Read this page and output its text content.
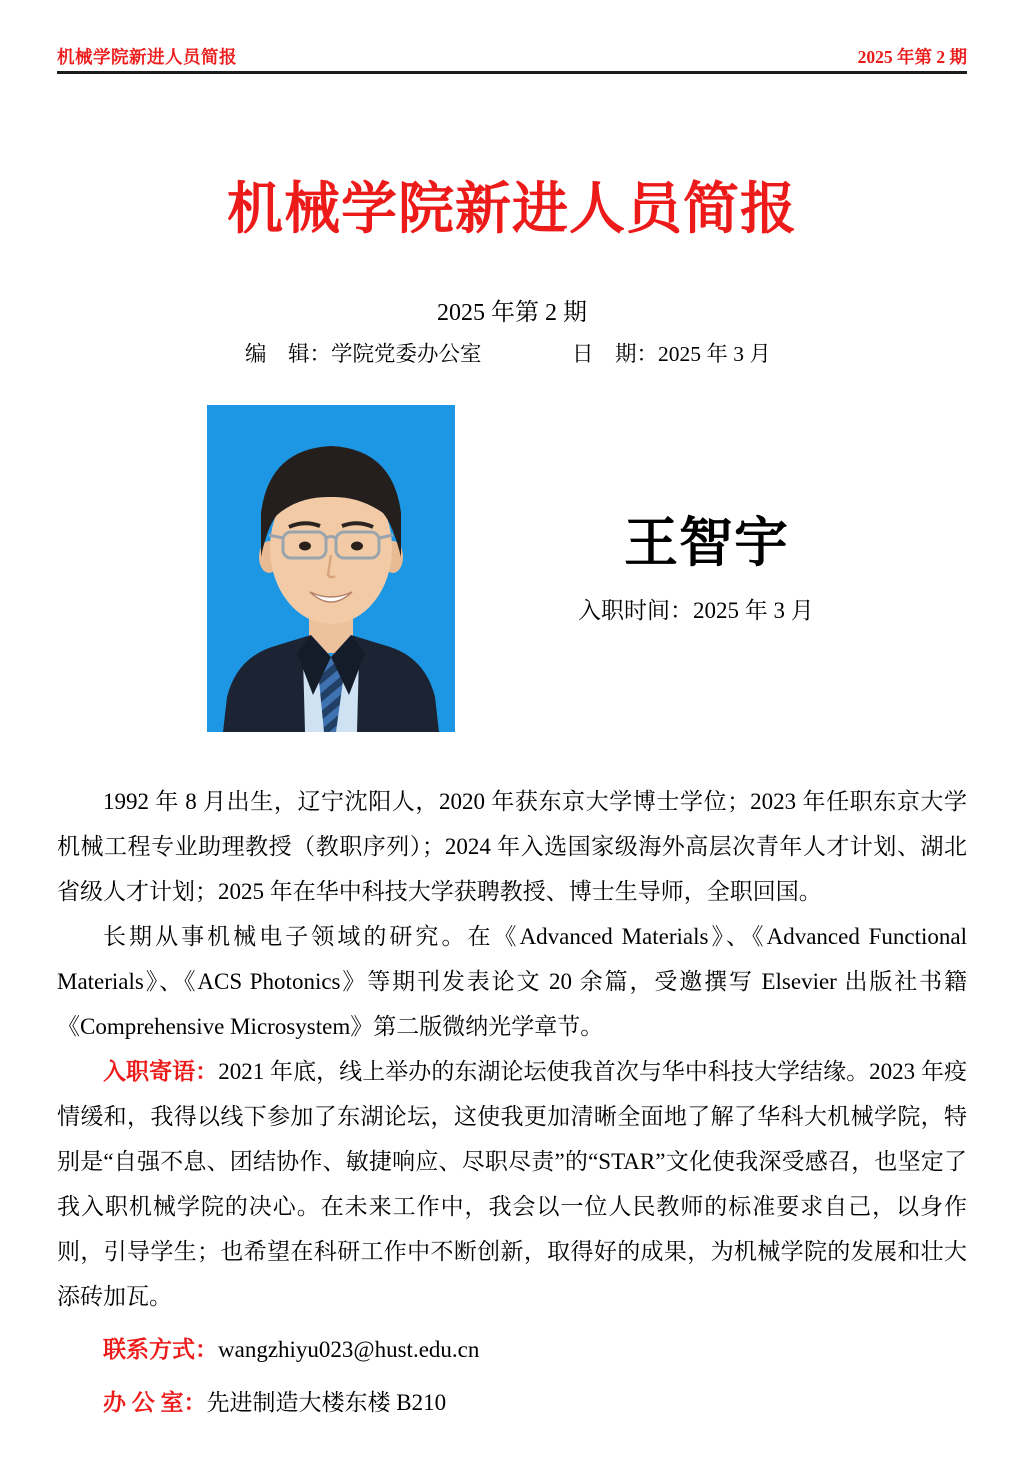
机械学院新进人员简报	2025 年第 2 期
机械学院新进人员简报
2025 年第 2 期
编　辑：学院党委办公室	日　期：2025 年 3 月
王智宇
入职时间：2025 年 3 月

1992 年 8 月出生，辽宁沈阳人，2020 年获东京大学博士学位；2023 年任职东京大学机械工程专业助理教授（教职序列）；2024 年入选国家级海外高层次青年人才计划、湖北省级人才计划；2025 年在华中科技大学获聘教授、博士生导师，全职回国。

长期从事机械电子领域的研究。在《Advanced Materials》、《Advanced Functional Materials》、《ACS Photonics》等期刊发表论文 20 余篇，受邀撰写 Elsevier 出版社书籍《Comprehensive Microsystem》第二版微纳光学章节。

入职寄语：2021 年底，线上举办的东湖论坛使我首次与华中科技大学结缘。2023 年疫情缓和，我得以线下参加了东湖论坛，这使我更加清晰全面地了解了华科大机械学院，特别是“自强不息、团结协作、敏捷响应、尽职尽责”的“STAR”文化使我深受感召，也坚定了我入职机械学院的决心。在未来工作中，我会以一位人民教师的标准要求自己，以身作则，引导学生；也希望在科研工作中不断创新，取得好的成果，为机械学院的发展和壮大添砖加瓦。

联系方式：wangzhiyu023@hust.edu.cn

办 公 室：先进制造大楼东楼 B210
